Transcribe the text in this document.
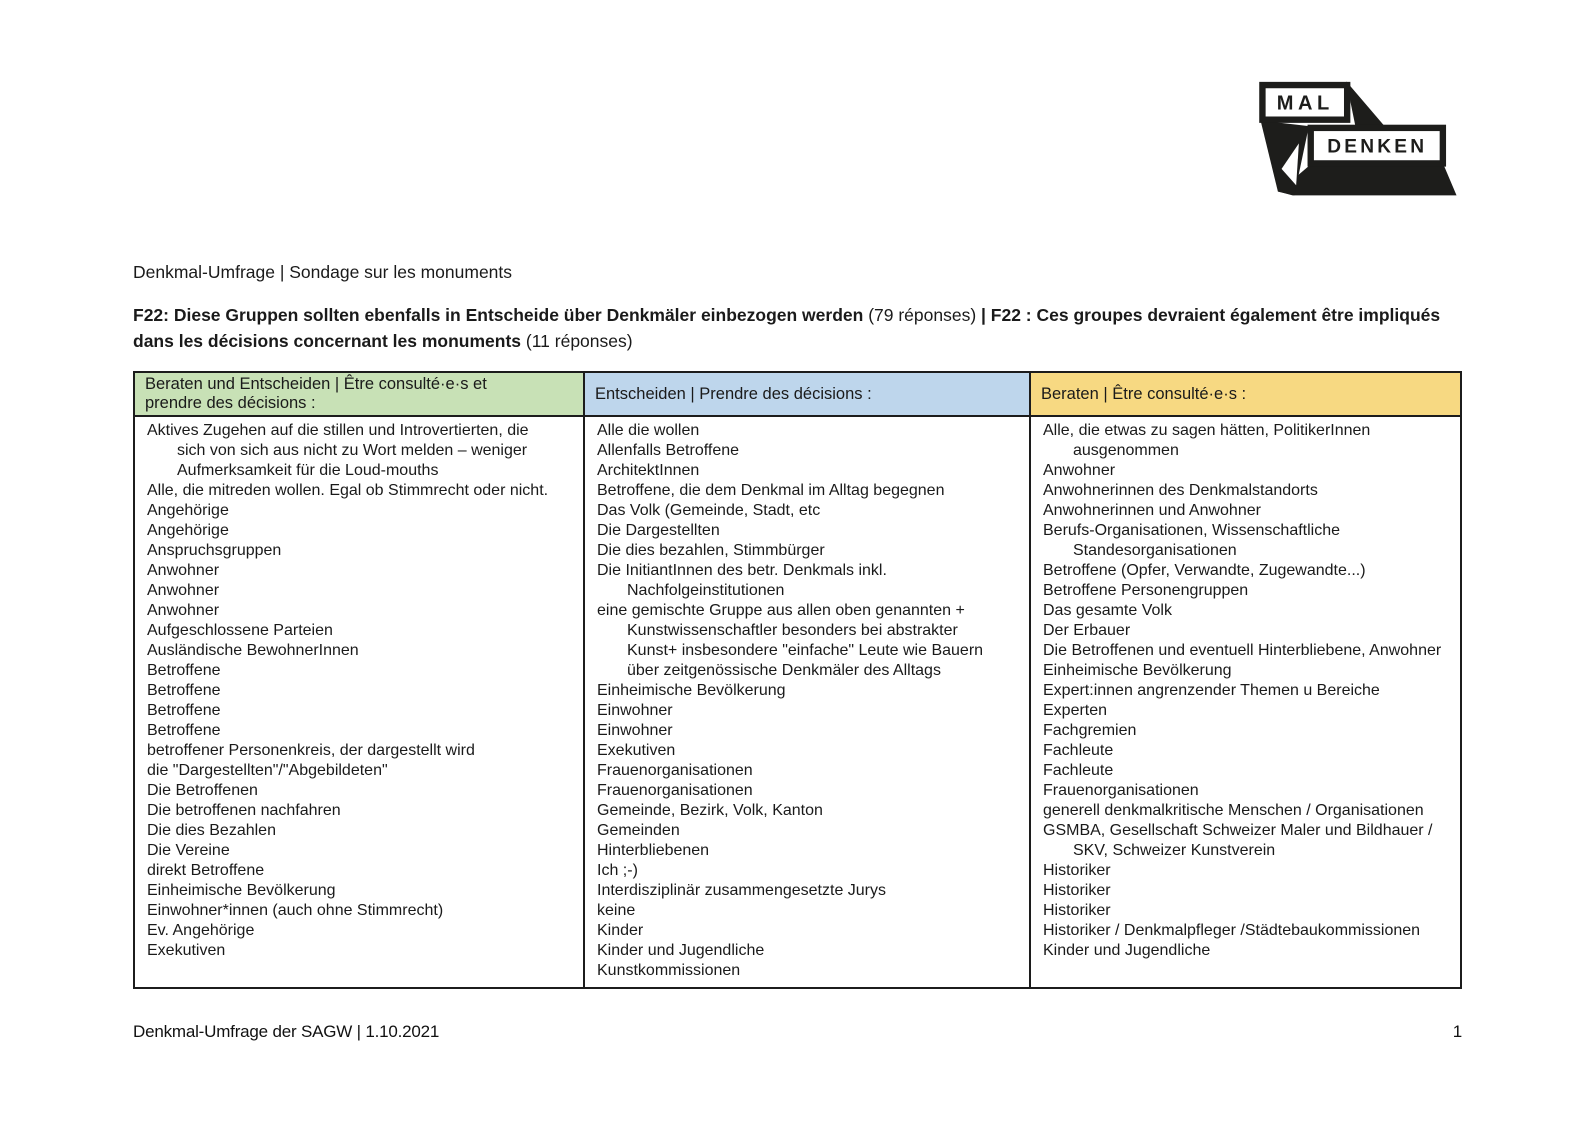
MAL
DENKEN
Denkmal-Umfrage | Sondage sur les monuments

F22: Diese Gruppen sollten ebenfalls in Entscheide über Denkmäler einbezogen werden (79 réponses) | F22 : Ces groupes devraient également être impliqués dans les décisions concernant les monuments (11 réponses)

Beraten und Entscheiden | Être consulté·e·s et prendre des décisions :
Aktives Zugehen auf die stillen und Introvertierten, die sich von sich aus nicht zu Wort melden – weniger Aufmerksamkeit für die Loud-mouths
Alle, die mitreden wollen. Egal ob Stimmrecht oder nicht.
Angehörige
Angehörige
Anspruchsgruppen
Anwohner
Anwohner
Anwohner
Aufgeschlossene Parteien
Ausländische BewohnerInnen
Betroffene
Betroffene
Betroffene
Betroffene
betroffener Personenkreis, der dargestellt wird
die "Dargestellten"/"Abgebildeten"
Die Betroffenen
Die betroffenen nachfahren
Die dies Bezahlen
Die Vereine
direkt Betroffene
Einheimische Bevölkerung
Einwohner*innen (auch ohne Stimmrecht)
Ev. Angehörige
Exekutiven
Entscheiden | Prendre des décisions :
Alle die wollen
Allenfalls Betroffene
ArchitektInnen
Betroffene, die dem Denkmal im Alltag begegnen
Das Volk (Gemeinde, Stadt, etc
Die Dargestellten
Die dies bezahlen, Stimmbürger
Die InitiantInnen des betr. Denkmals inkl. Nachfolgeinstitutionen
eine gemischte Gruppe aus allen oben genannten + Kunstwissenschaftler besonders bei abstrakter Kunst+ insbesondere "einfache" Leute wie Bauern über zeitgenössische Denkmäler des Alltags
Einheimische Bevölkerung
Einwohner
Einwohner
Exekutiven
Frauenorganisationen
Frauenorganisationen
Gemeinde, Bezirk, Volk, Kanton
Gemeinden
Hinterbliebenen
Ich ;-)
Interdisziplinär zusammengesetzte Jurys
keine
Kinder
Kinder und Jugendliche
Kunstkommissionen
Beraten | Être consulté·e·s :
Alle, die etwas zu sagen hätten, PolitikerInnen ausgenommen
Anwohner
Anwohnerinnen des Denkmalstandorts
Anwohnerinnen und Anwohner
Berufs-Organisationen, Wissenschaftliche Standesorganisationen
Betroffene (Opfer, Verwandte, Zugewandte...)
Betroffene Personengruppen
Das gesamte Volk
Der Erbauer
Die Betroffenen und eventuell Hinterbliebene, Anwohner
Einheimische Bevölkerung
Expert:innen angrenzender Themen u Bereiche
Experten
Fachgremien
Fachleute
Fachleute
Frauenorganisationen
generell denkmalkritische Menschen / Organisationen
GSMBA, Gesellschaft Schweizer Maler und Bildhauer / SKV, Schweizer Kunstverein
Historiker
Historiker
Historiker
Historiker / Denkmalpfleger /Städtebaukommissionen
Kinder und Jugendliche
Denkmal-Umfrage der SAGW | 1.10.2021	1
